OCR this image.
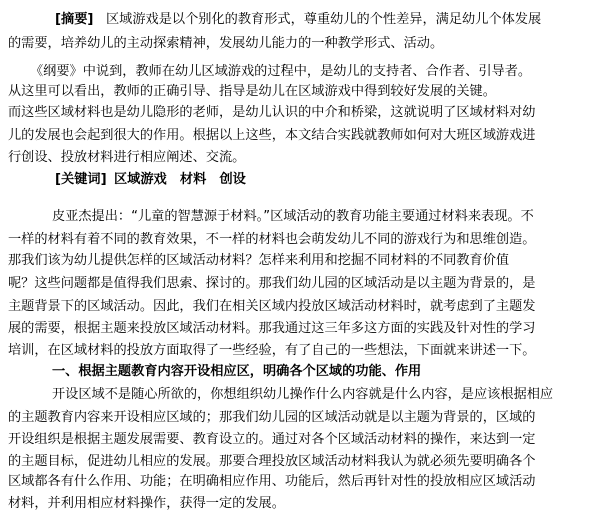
[摘要] 区域游戏是以个别化的教育形式，尊重幼儿的个性差异，满足幼儿个体发展
的需要，培养幼儿的主动探索精神，发展幼儿能力的一种教学形式、活动。
《纲要》中说到，教师在幼儿区域游戏的过程中，是幼儿的支持者、合作者、引导者。
从这里可以看出，教师的正确引导、指导是幼儿在区域游戏中得到较好发展的关键。
而这些区域材料也是幼儿隐形的老师，是幼儿认识的中介和桥梁，这就说明了区域材料对幼
儿的发展也会起到很大的作用。根据以上这些，本文结合实践就教师如何对大班区域游戏进
行创设、投放材料进行相应阐述、交流。
[关键词] 区域游戏　材料　创设
皮亚杰提出：“儿童的智慧源于材料。”区域活动的教育功能主要通过材料来表现。不
一样的材料有着不同的教育效果，不一样的材料也会萌发幼儿不同的游戏行为和思维创造。
那我们该为幼儿提供怎样的区域活动材料？怎样来利用和挖掘不同材料的不同教育价值
呢？这些问题都是值得我们思索、探讨的。那我们幼儿园的区域活动是以主题为背景的，是
主题背景下的区域活动。因此，我们在相关区域内投放区域活动材料时，就考虑到了主题发
展的需要，根据主题来投放区域活动材料。那我通过这三年多这方面的实践及针对性的学习
培训，在区域材料的投放方面取得了一些经验，有了自己的一些想法，下面就来讲述一下。
一、根据主题教育内容开设相应区，明确各个区域的功能、作用
开设区域不是随心所欲的，你想组织幼儿操作什么内容就是什么内容，是应该根据相应
的主题教育内容来开设相应区域的；那我们幼儿园的区域活动就是以主题为背景的，区域的
开设组织是根据主题发展需要、教育设立的。通过对各个区域活动材料的操作，来达到一定
的主题目标，促进幼儿相应的发展。那要合理投放区域活动材料我认为就必须先要明确各个
区域都各有什么作用、功能；在明确相应作用、功能后，然后再针对性的投放相应区域活动
材料，并利用相应材料操作，获得一定的发展。
